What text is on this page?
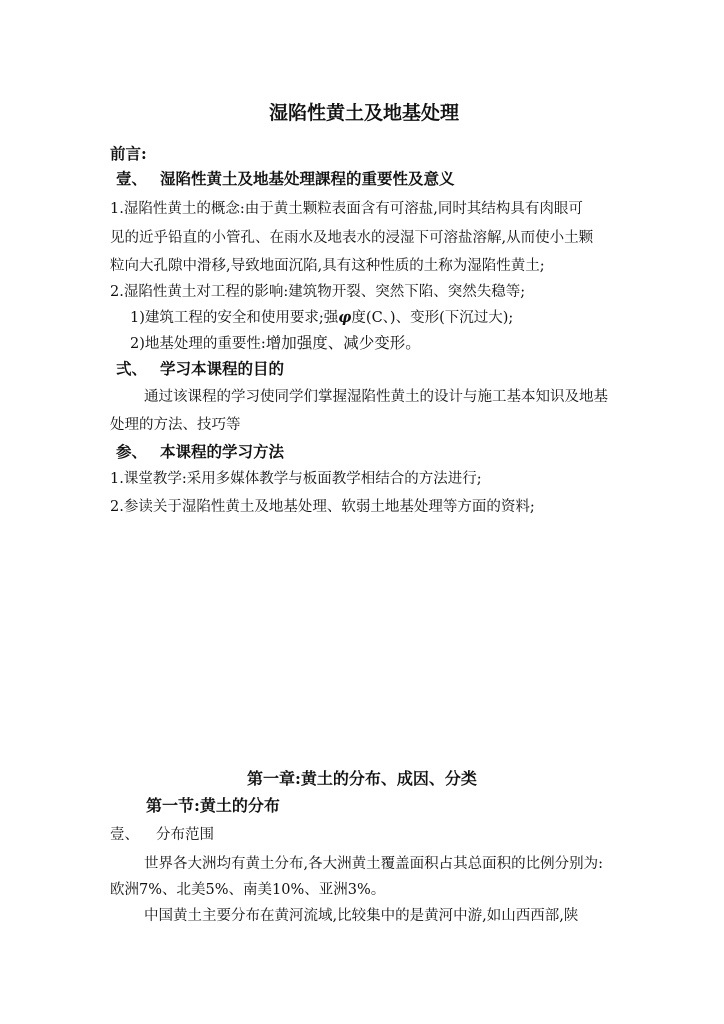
湿陷性黄土及地基处理
前言:
壹、 湿陷性黄土及地基处理課程的重要性及意义
1.湿陷性黄土的概念:由于黄土颗粒表面含有可溶盐,同时其结构具有肉眼可
见的近乎铅直的小管孔、在雨水及地表水的浸湿下可溶盐溶解,从而使小土颗
粒向大孔隙中滑移,导致地面沉陷,具有这种性质的土称为湿陷性黄土;
2.湿陷性黄土对工程的影响:建筑物开裂、突然下陷、突然失稳等;
1)建筑工程的安全和使用要求;强φ度(C、)、变形(下沉过大);
2)地基处理的重要性:增加强度、减少变形。
弍、 学习本课程的目的
通过该课程的学习使同学们掌握湿陷性黄土的设计与施工基本知识及地基
处理的方法、技巧等
参、 本课程的学习方法
1.课堂教学:采用多媒体教学与板面教学相结合的方法进行;
2.参读关于湿陷性黄土及地基处理、软弱土地基处理等方面的资料;
第一章:黄土的分布、成因、分类
第一节:黄土的分布
壹、 分布范围
世界各大洲均有黄土分布,各大洲黄土覆盖面积占其总面积的比例分别为:
欧洲7%、北美5%、南美10%、亚洲3%。
中国黄土主要分布在黄河流域,比较集中的是黄河中游,如山西西部,陕
